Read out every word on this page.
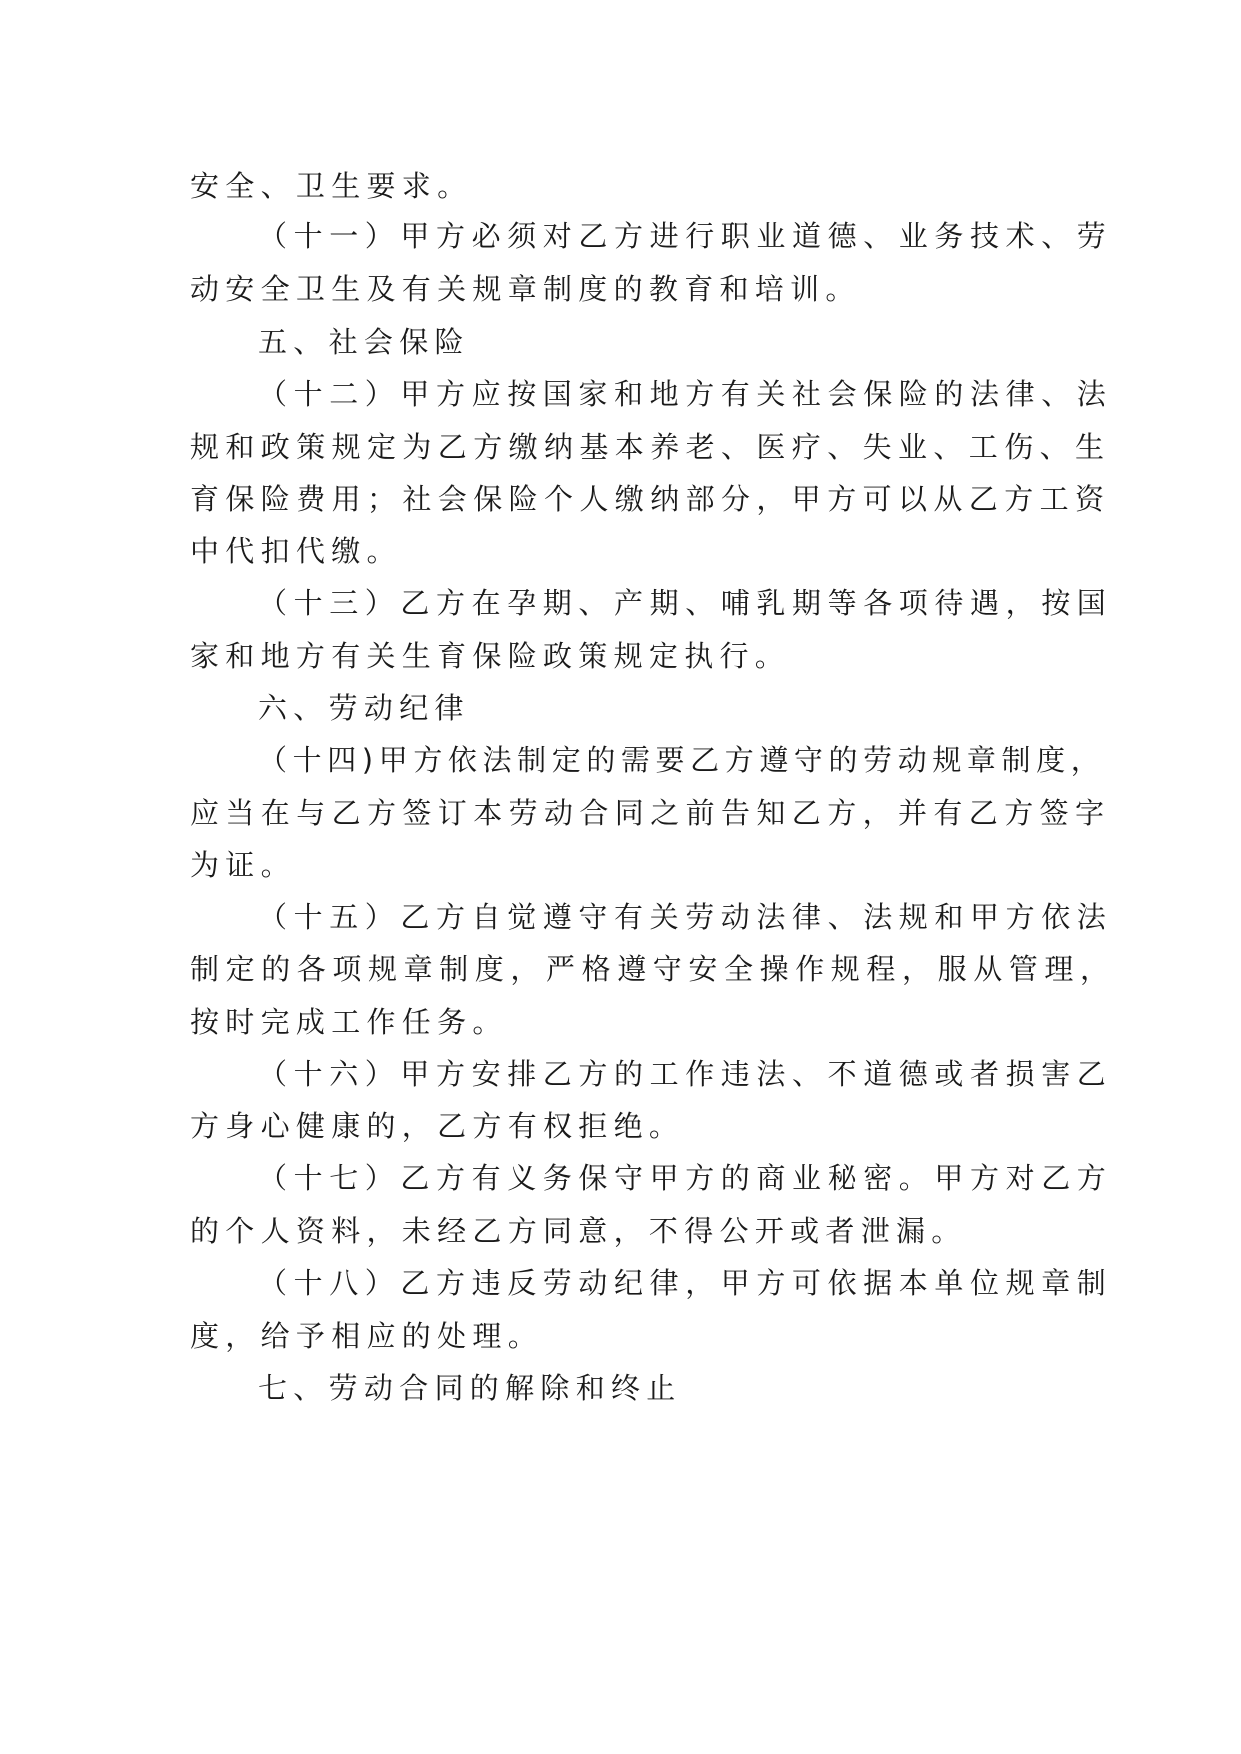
安全、卫生要求。

（十一）甲方必须对乙方进行职业道德、业务技术、劳

动安全卫生及有关规章制度的教育和培训。

五、社会保险

（十二）甲方应按国家和地方有关社会保险的法律、法

规和政策规定为乙方缴纳基本养老、医疗、失业、工伤、生

育保险费用；社会保险个人缴纳部分，甲方可以从乙方工资

中代扣代缴。

（十三）乙方在孕期、产期、哺乳期等各项待遇，按国

家和地方有关生育保险政策规定执行。

六、劳动纪律

（十四)甲方依法制定的需要乙方遵守的劳动规章制度，

应当在与乙方签订本劳动合同之前告知乙方，并有乙方签字

为证。

（十五）乙方自觉遵守有关劳动法律、法规和甲方依法

制定的各项规章制度，严格遵守安全操作规程，服从管理，

按时完成工作任务。

（十六）甲方安排乙方的工作违法、不道德或者损害乙

方身心健康的，乙方有权拒绝。

（十七）乙方有义务保守甲方的商业秘密。甲方对乙方

的个人资料，未经乙方同意，不得公开或者泄漏。

（十八）乙方违反劳动纪律，甲方可依据本单位规章制

度，给予相应的处理。

七、劳动合同的解除和终止
